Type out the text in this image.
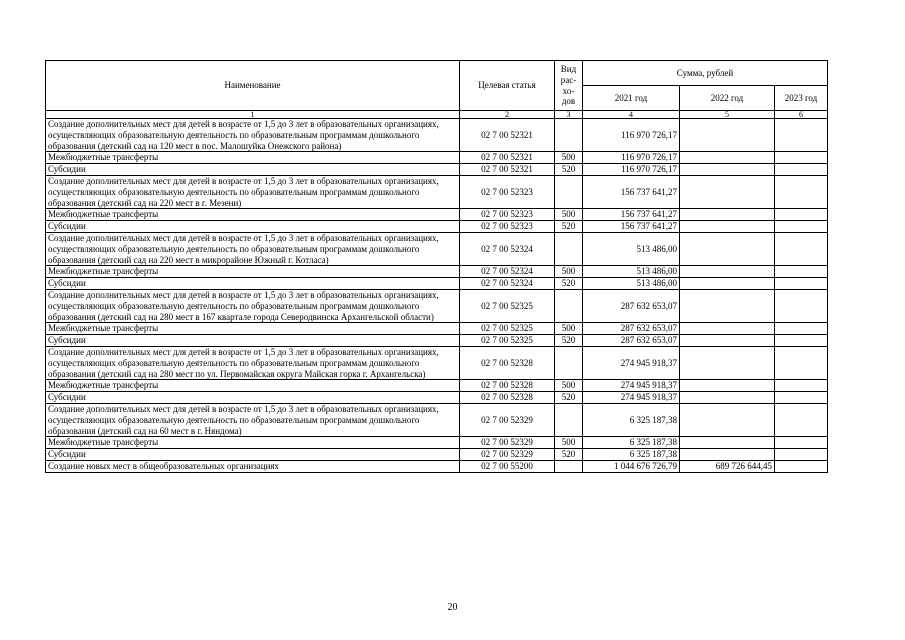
Наименование	Целевая статья	Вид рас- хо- дов	Сумма, рублей		
			2021 год	2022 год	2023 год
1	2	3	4	5	6
Создание дополнительных мест для детей в возрасте от 1,5 до 3 лет в образовательных организациях, осуществляющих образовательную деятельность по образовательным программам дошкольного образования (детский сад на 120 мест в пос. Малошуйка Онежского района)	02 7 00 52321		116 970 726,17		
Межбюджетные трансферты	02 7 00 52321	500	116 970 726,17		
Субсидии	02 7 00 52321	520	116 970 726,17		
Создание дополнительных мест для детей в возрасте от 1,5 до 3 лет в образовательных организациях, осуществляющих образовательную деятельность по образовательным программам дошкольного образования (детский сад на 220 мест в г. Мезени)	02 7 00 52323		156 737 641,27		
Межбюджетные трансферты	02 7 00 52323	500	156 737 641,27		
Субсидии	02 7 00 52323	520	156 737 641,27		
Создание дополнительных мест для детей в возрасте от 1,5 до 3 лет в образовательных организациях, осуществляющих образовательную деятельность по образовательным программам дошкольного образования (детский сад на 220 мест в микрорайоне Южный г. Котласа)	02 7 00 52324		513 486,00		
Межбюджетные трансферты	02 7 00 52324	500	513 486,00		
Субсидии	02 7 00 52324	520	513 486,00		
Создание дополнительных мест для детей в возрасте от 1,5 до 3 лет в образовательных организациях, осуществляющих образовательную деятельность по образовательным программам дошкольного образования (детский сад на 280 мест в 167 квартале города Северодвинска Архангельской области)	02 7 00 52325		287 632 653,07		
Межбюджетные трансферты	02 7 00 52325	500	287 632 653,07		
Субсидии	02 7 00 52325	520	287 632 653,07		
Создание дополнительных мест для детей в возрасте от 1,5 до 3 лет в образовательных организациях, осуществляющих образовательную деятельность по образовательным программам дошкольного образования (детский сад на 280 мест по ул. Первомайская округа Майская горка г. Архангельска)	02 7 00 52328		274 945 918,37		
Межбюджетные трансферты	02 7 00 52328	500	274 945 918,37		
Субсидии	02 7 00 52328	520	274 945 918,37		
Создание дополнительных мест для детей в возрасте от 1,5 до 3 лет в образовательных организациях, осуществляющих образовательную деятельность по образовательным программам дошкольного образования (детский сад на 60 мест в г. Няндома)	02 7 00 52329		6 325 187,38		
Межбюджетные трансферты	02 7 00 52329	500	6 325 187,38		
Субсидии	02 7 00 52329	520	6 325 187,38		
Создание новых мест в общеобразовательных организациях	02 7 00 55200		1 044 676 726,79	689 726 644,45	
20
